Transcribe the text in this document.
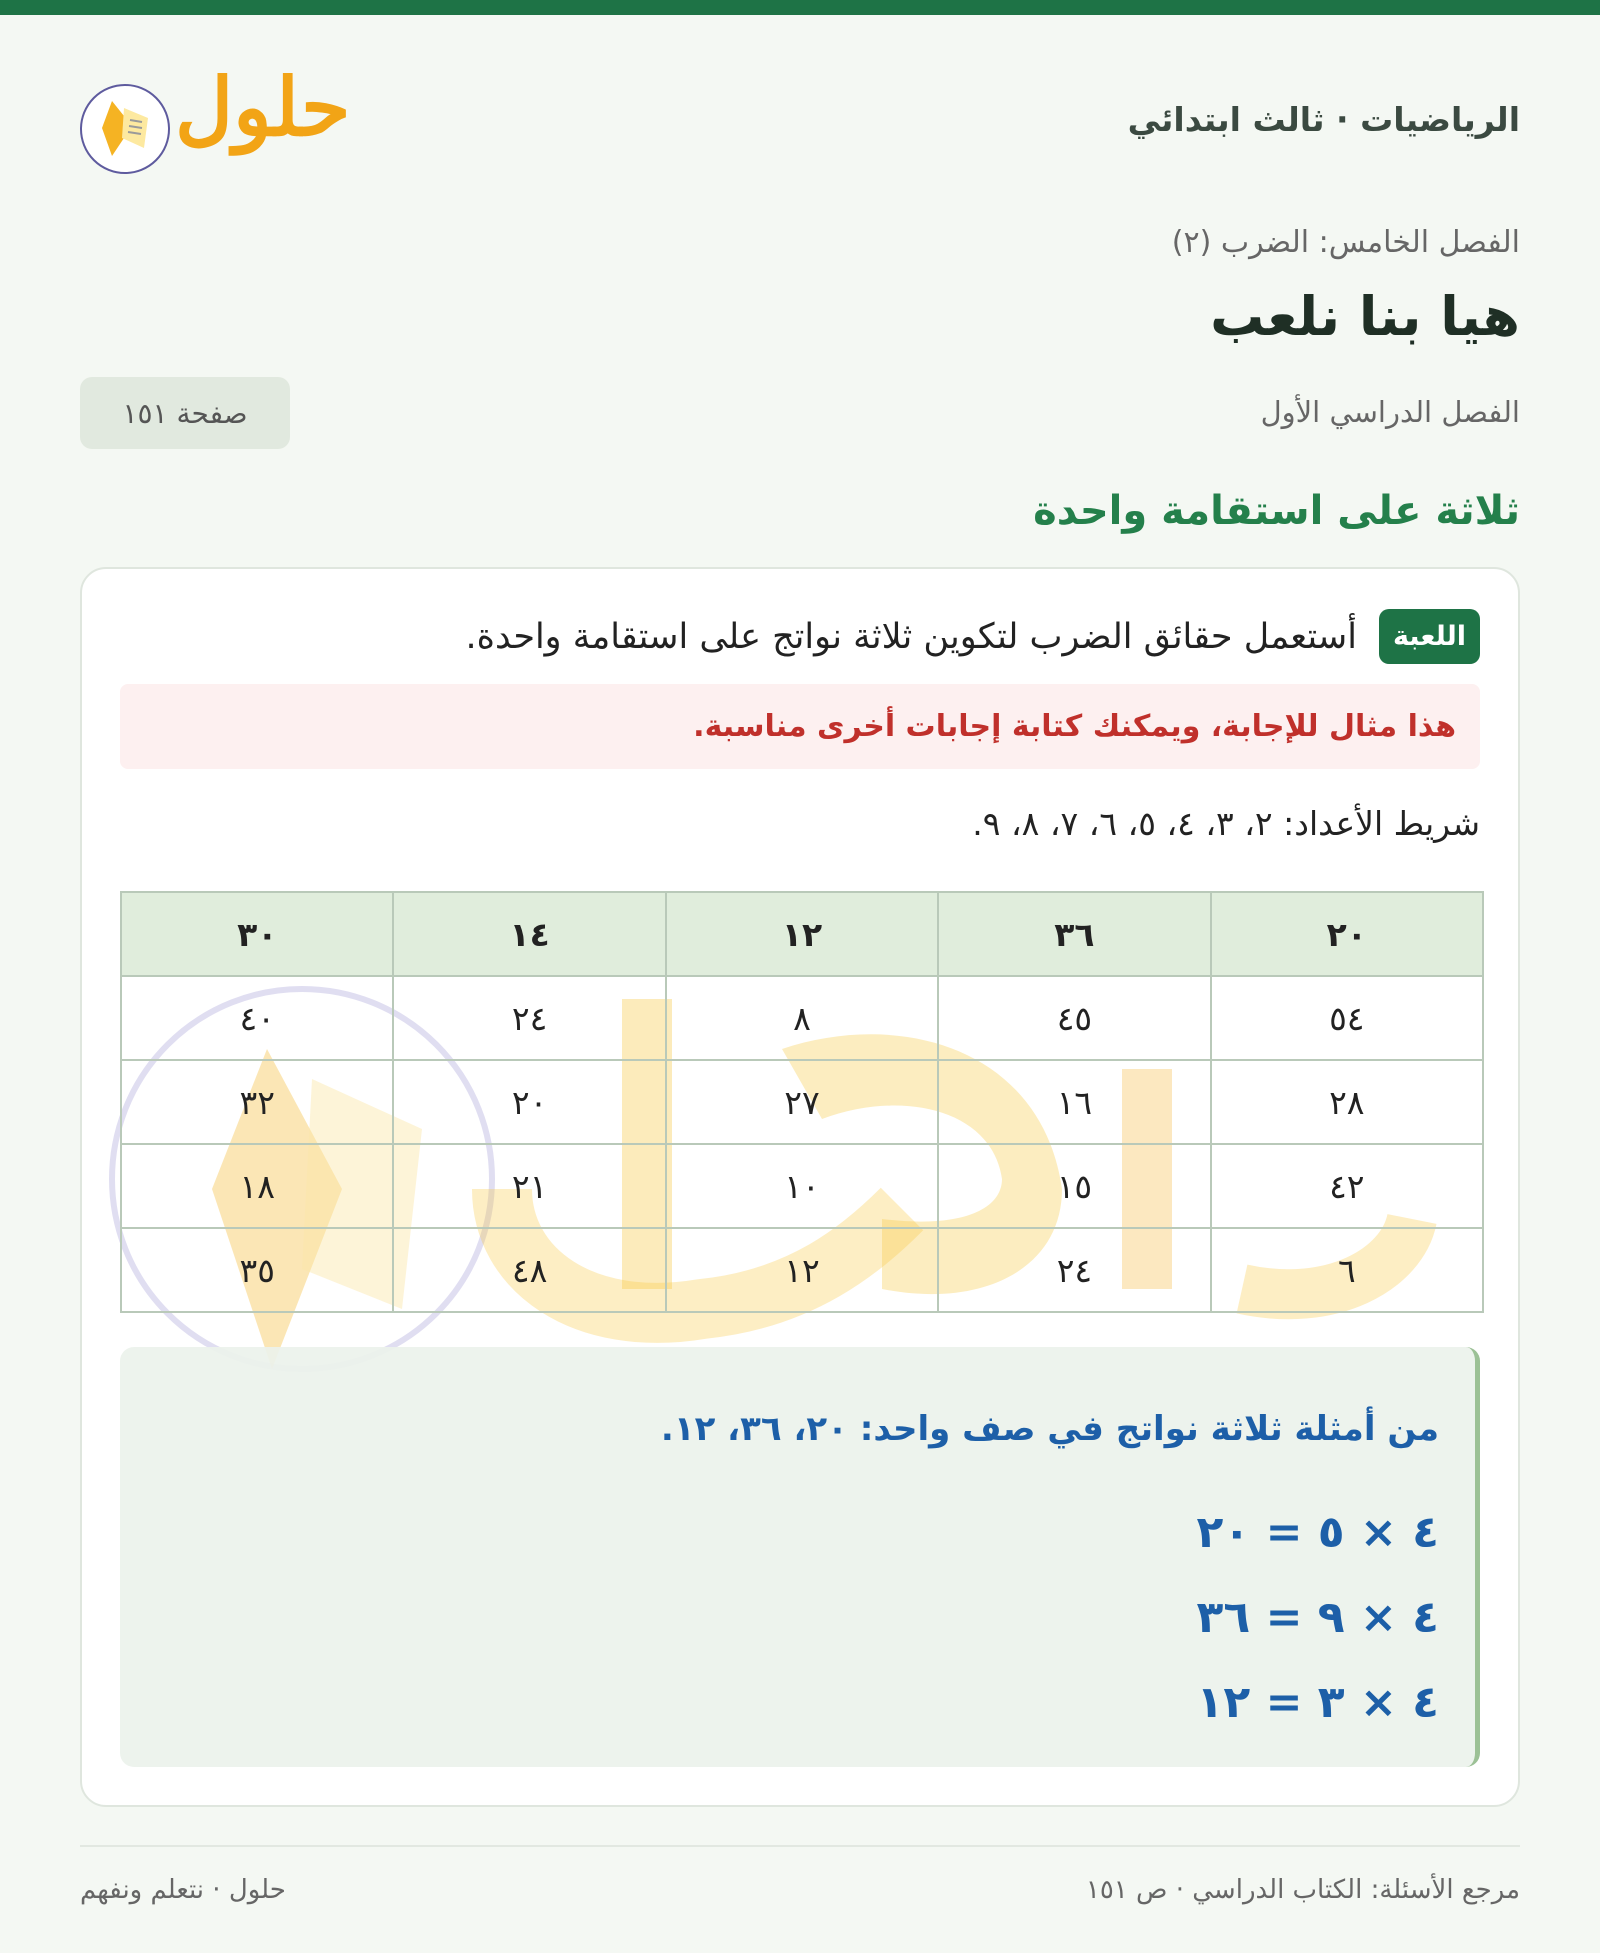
الرياضيات · ثالث ابتدائي
حلول
الفصل الخامس: الضرب (٢)
هيا بنا نلعب
الفصل الدراسي الأول
صفحة ١٥١
ثلاثة على استقامة واحدة
اللعبة
أستعمل حقائق الضرب لتكوين ثلاثة نواتج على استقامة واحدة.
هذا مثال للإجابة، ويمكنك كتابة إجابات أخرى مناسبة.
شريط الأعداد: ٢، ٣، ٤، ٥، ٦، ٧، ٨، ٩.
٢٠	٣٦	١٢	١٤	٣٠
٥٤	٤٥	٨	٢٤	٤٠
٢٨	١٦	٢٧	٢٠	٣٢
٤٢	١٥	١٠	٢١	١٨
٦	٢٤	١٢	٤٨	٣٥
من أمثلة ثلاثة نواتج في صف واحد: ٢٠، ٣٦، ١٢.
٤ × ٥ = ٢٠
٤ × ٩ = ٣٦
٤ × ٣ = ١٢
مرجع الأسئلة: الكتاب الدراسي · ص ١٥١
حلول · نتعلم ونفهم
